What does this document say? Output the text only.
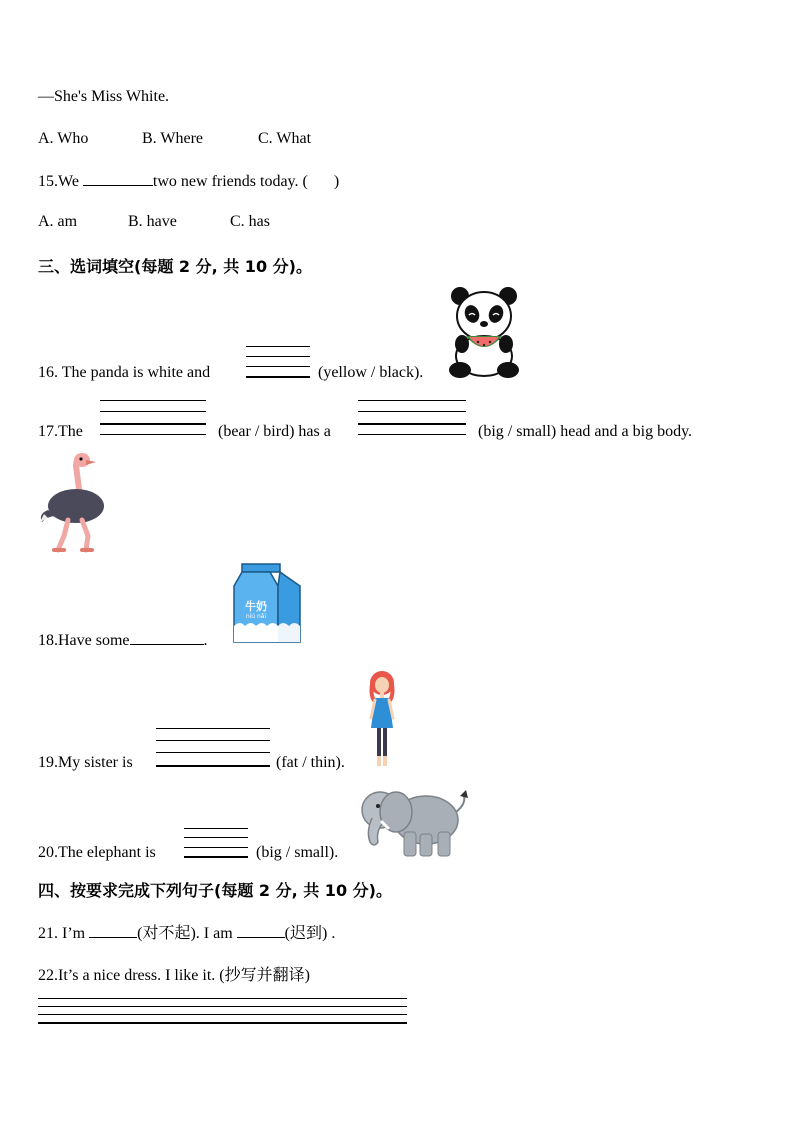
—She's Miss White.
A. Who	B. Where	C. What
15.We	two new friends today. ( )
A. am	B. have	C. has
三、选词填空(每题 2 分, 共 10 分)。
16. The panda is white and	(yellow / black).
17.The	(bear / bird) has a	(big / small) head and a big body.
18.Have some	.
牛奶
niú nǎi
19.My sister is	(fat / thin).
20.The elephant is	(big / small).
四、按要求完成下列句子(每题 2 分, 共 10 分)。
21. I’m	(对不起). I am	(迟到) .
22.It’s a nice dress. I like it. (抄写并翻译)
